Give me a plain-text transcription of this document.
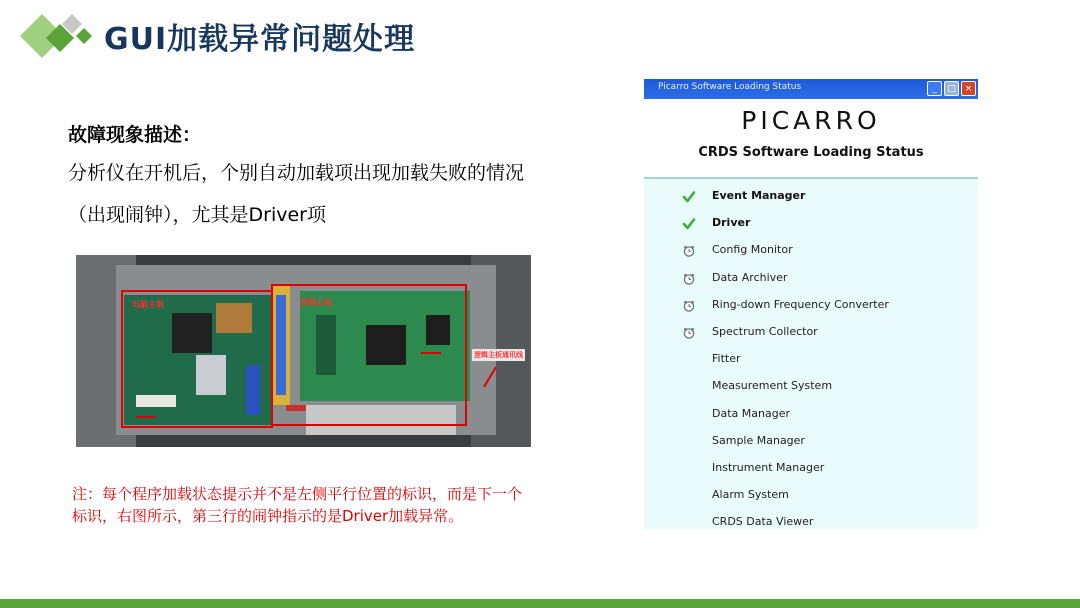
GUI加载异常问题处理
故障现象描述：
分析仪在开机后，个别自动加载项出现加载失败的情况
（出现闹钟），尤其是Driver项
电脑主板	逻辑主板
逻辑主板通讯线
注：每个程序加载状态提示并不是左侧平行位置的标识，而是下一个
标识，右图所示，第三行的闹钟指示的是Driver加载异常。
Picarro Software Loading Status	_	□ ×
PICARRO
CRDS Software Loading Status
Event Manager
Driver
Config Monitor
Data Archiver
Ring-down Frequency Converter
Spectrum Collector
Fitter
Measurement System
Data Manager
Sample Manager
Instrument Manager
Alarm System
CRDS Data Viewer
